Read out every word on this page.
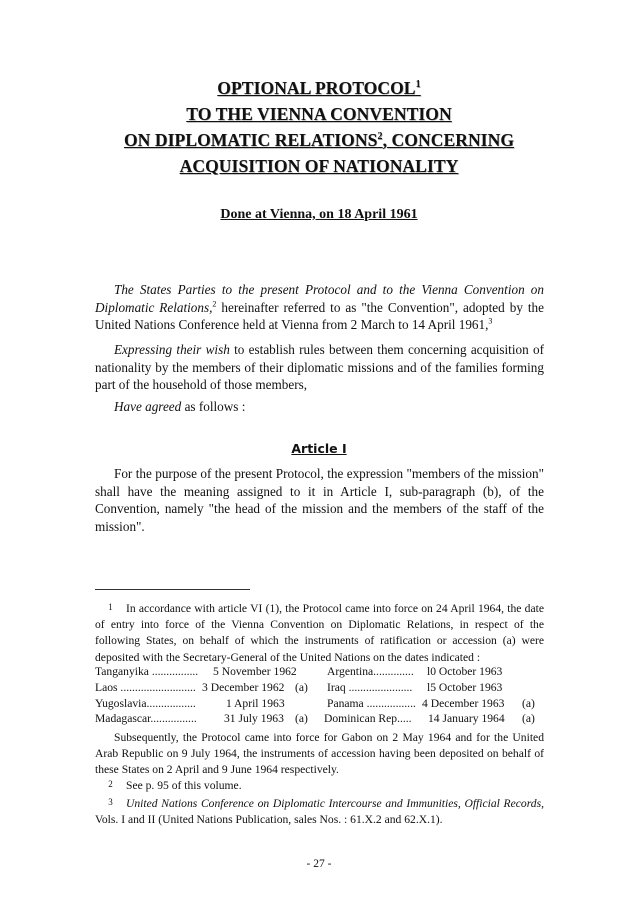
OPTIONAL PROTOCOL$^1$
TO THE VIENNA CONVENTION
ON DIPLOMATIC RELATIONS$^2$, CONCERNING
ACQUISITION OF NATIONALITY
Done at Vienna, on 18 April 1961
The States Parties to the present Protocol and to the Vienna Convention on Diplomatic Relations,$^2$ hereinafter referred to as "the Convention", adopted by the United Nations Conference held at Vienna from 2 March to 14 April 1961,$^3$
Expressing their wish to establish rules between them concerning acquisition of nationality by the members of their diplomatic missions and of the families forming part of the household of those members,
Have agreed as follows :
Article I
For the purpose of the present Protocol, the expression "members of the mission" shall have the meaning assigned to it in Article I, sub-paragraph (b), of the Convention, namely "the head of the mission and the members of the staff of the mission".
1 In accordance with article VI (1), the Protocol came into force on 24 April 1964, the date of entry into force of the Vienna Convention on Diplomatic Relations, in respect of the following States, on behalf of which the instruments of ratification or accession (a) were deposited with the Secretary-General of the United Nations on the dates indicated :
Tanganyika ................ 5 November 1962	Argentina.............. l0 October 1963
Laos .......................... 3 December 1962 (a) Iraq ...................... l5 October 1963
Yugoslavia.................	1 April 1963	Panama ................. 4 December 1963 (a)
Madagascar................ 31 July 1963 (a) Dominican Rep..... 14 January 1964 (a)
Subsequently, the Protocol came into force for Gabon on 2 May 1964 and for the United Arab Republic on 9 July 1964, the instruments of accession having been deposited on behalf of these States on 2 April and 9 June 1964 respectively.
2 See p. 95 of this volume.
3 United Nations Conference on Diplomatic Intercourse and Immunities, Official Records, Vols. I and II (United Nations Publication, sales Nos. : 61.X.2 and 62.X.1).
- 27 -
